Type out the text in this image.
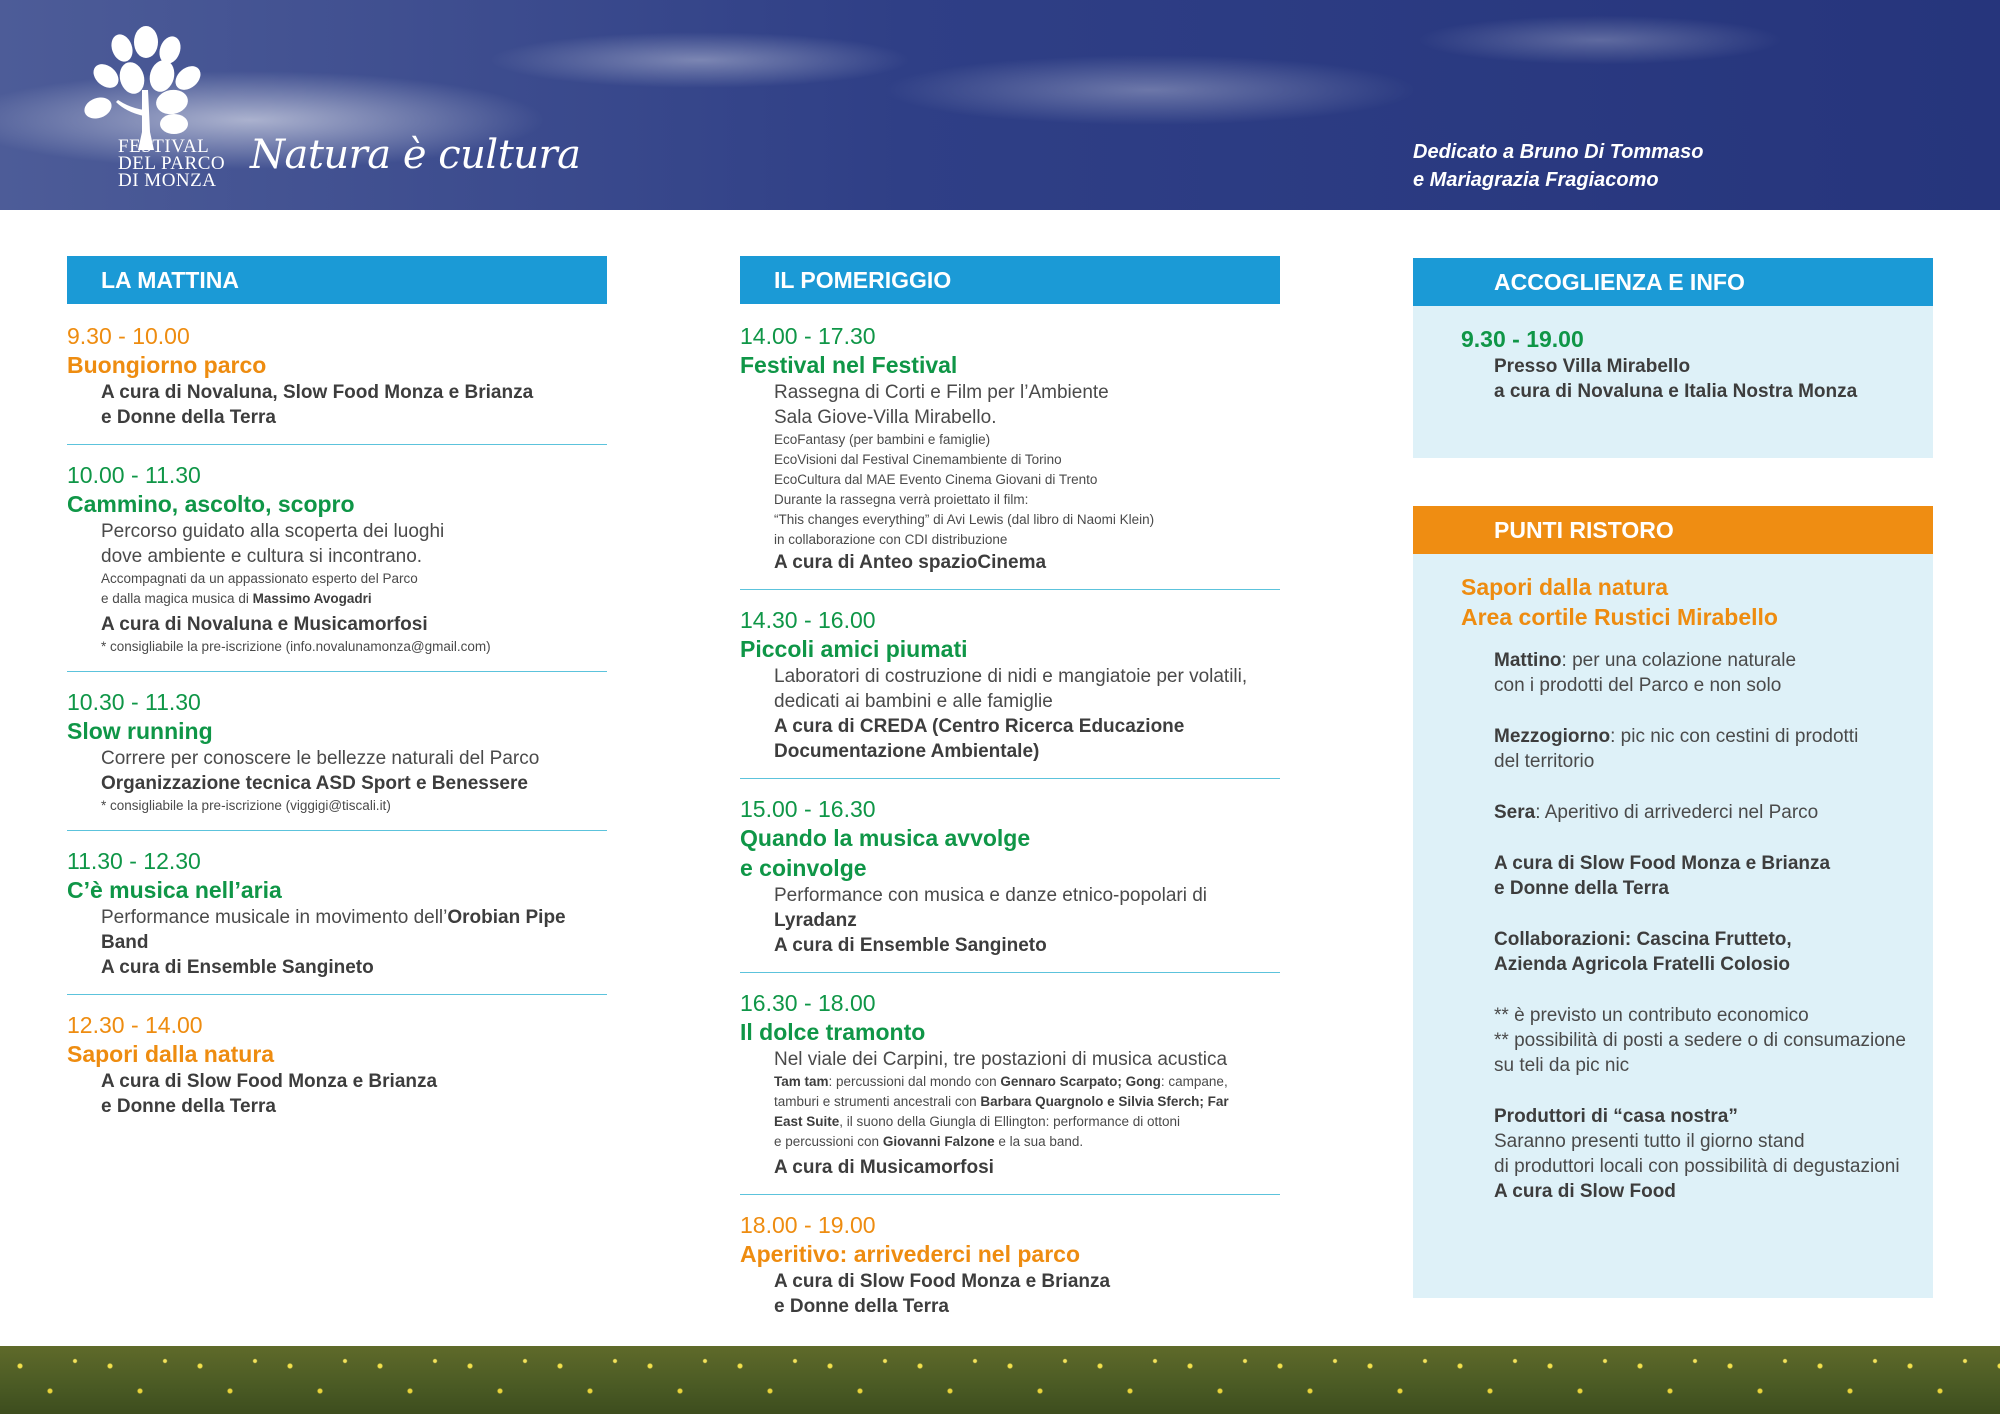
FESTIVAL
DEL PARCO
DI MONZA
Natura è cultura	Dedicato a Bruno Di Tommaso
e Mariagrazia Fragiacomo
LA MATTINA
9.30 - 10.00
Buongiorno parco
A cura di Novaluna, Slow Food Monza e Brianza
e Donne della Terra
10.00 - 11.30
Cammino, ascolto, scopro
Percorso guidato alla scoperta dei luoghi
dove ambiente e cultura si incontrano.
Accompagnati da un appassionato esperto del Parco
e dalla magica musica di Massimo Avogadri
A cura di Novaluna e Musicamorfosi
* consigliabile la pre-iscrizione (info.novalunamonza@gmail.com)
10.30 - 11.30
Slow running
Correre per conoscere le bellezze naturali del Parco
Organizzazione tecnica ASD Sport e Benessere
* consigliabile la pre-iscrizione (viggigi@tiscali.it)
11.30 - 12.30
C’è musica nell’aria
Performance musicale in movimento dell’Orobian Pipe Band
A cura di Ensemble Sangineto
12.30 - 14.00
Sapori dalla natura
A cura di Slow Food Monza e Brianza
e Donne della Terra
IL POMERIGGIO
14.00 - 17.30
Festival nel Festival
Rassegna di Corti e Film per l’Ambiente
Sala Giove-Villa Mirabello.
EcoFantasy (per bambini e famiglie)
EcoVisioni dal Festival Cinemambiente di Torino
EcoCultura dal MAE Evento Cinema Giovani di Trento
Durante la rassegna verrà proiettato il film:
“This changes everything” di Avi Lewis (dal libro di Naomi Klein)
in collaborazione con CDI distribuzione
A cura di Anteo spazioCinema
14.30 - 16.00
Piccoli amici piumati
Laboratori di costruzione di nidi e mangiatoie per volatili,
dedicati ai bambini e alle famiglie
A cura di CREDA (Centro Ricerca Educazione
Documentazione Ambientale)
15.00 - 16.30
Quando la musica avvolge
e coinvolge
Performance con musica e danze etnico-popolari di Lyradanz
A cura di Ensemble Sangineto
16.30 - 18.00
Il dolce tramonto
Nel viale dei Carpini, tre postazioni di musica acustica
Tam tam: percussioni dal mondo con Gennaro Scarpato; Gong: campane,
tamburi e strumenti ancestrali con Barbara Quargnolo e Silvia Sferch; Far
East Suite, il suono della Giungla di Ellington: performance di ottoni
e percussioni con Giovanni Falzone e la sua band.
A cura di Musicamorfosi
18.00 - 19.00
Aperitivo: arrivederci nel parco
A cura di Slow Food Monza e Brianza
e Donne della Terra
ACCOGLIENZA E INFO
9.30 - 19.00
Presso Villa Mirabello
a cura di Novaluna e Italia Nostra Monza
PUNTI RISTORO
Sapori dalla natura
Area cortile Rustici Mirabello
Mattino: per una colazione naturale
con i prodotti del Parco e non solo
Mezzogiorno: pic nic con cestini di prodotti
del territorio
Sera: Aperitivo di arrivederci nel Parco
A cura di Slow Food Monza e Brianza
e Donne della Terra
Collaborazioni: Cascina Frutteto,
Azienda Agricola Fratelli Colosio
** è previsto un contributo economico
** possibilità di posti a sedere o di consumazione
su teli da pic nic
Produttori di “casa nostra”
Saranno presenti tutto il giorno stand
di produttori locali con possibilità di degustazioni
A cura di Slow Food
